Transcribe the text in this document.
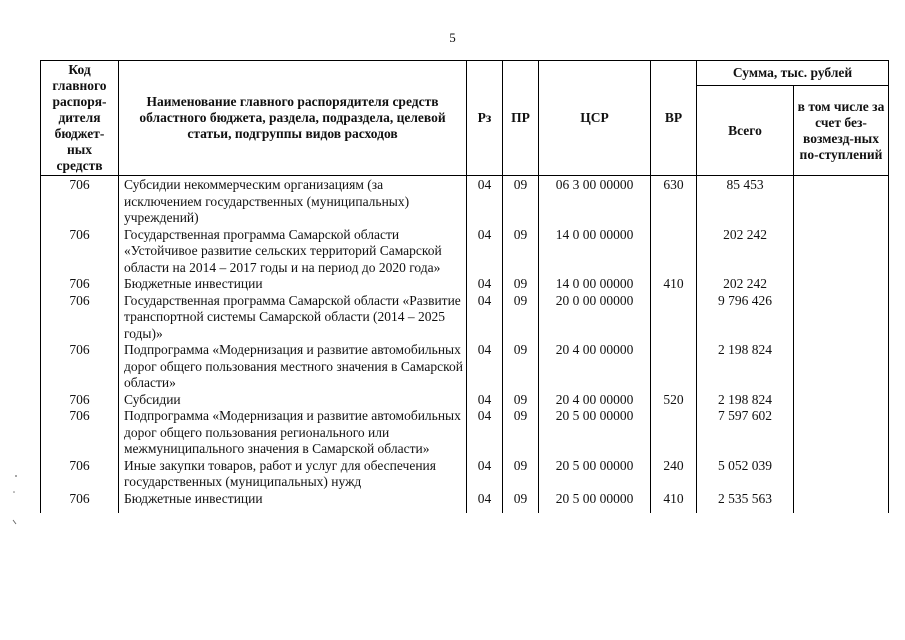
5
Код главного распоря-дителя бюджет-ных средств	Наименование главного распорядителя средств областного бюджета, раздела, подраздела, целевой статьи, подгруппы видов расходов	Рз	ПР	ЦСР	ВР	Сумма, тыс. рублей	
						Всего	в том числе за счет без-возмезд-ных по-ступлений
706	Субсидии некоммерческим организациям (за исключением государственных (муниципальных) учреждений)	04	09	06 3 00 00000	630	85 453	
706	Государственная программа Самарской области «Устойчивое развитие сельских территорий Самарской области на 2014 – 2017 годы и на период до 2020 года»	04	09	14 0 00 00000		202 242	
706	Бюджетные инвестиции	04	09	14 0 00 00000	410	202 242	
706	Государственная программа Самарской области «Развитие транспортной системы Самарской области (2014 – 2025 годы)»	04	09	20 0 00 00000		9 796 426	
706	Подпрограмма «Модернизация и развитие автомобильных дорог общего пользования местного значения в Самарской области»	04	09	20 4 00 00000		2 198 824	
706	Субсидии	04	09	20 4 00 00000	520	2 198 824	
706	Подпрограмма «Модернизация и развитие автомобильных дорог общего пользования регионального или межмуниципального значения в Самарской области»	04	09	20 5 00 00000		7 597 602	
706	Иные закупки товаров, работ и услуг для обеспечения государственных (муниципальных) нужд	04	09	20 5 00 00000	240	5 052 039	
706	Бюджетные инвестиции	04	09	20 5 00 00000	410	2 535 563	
